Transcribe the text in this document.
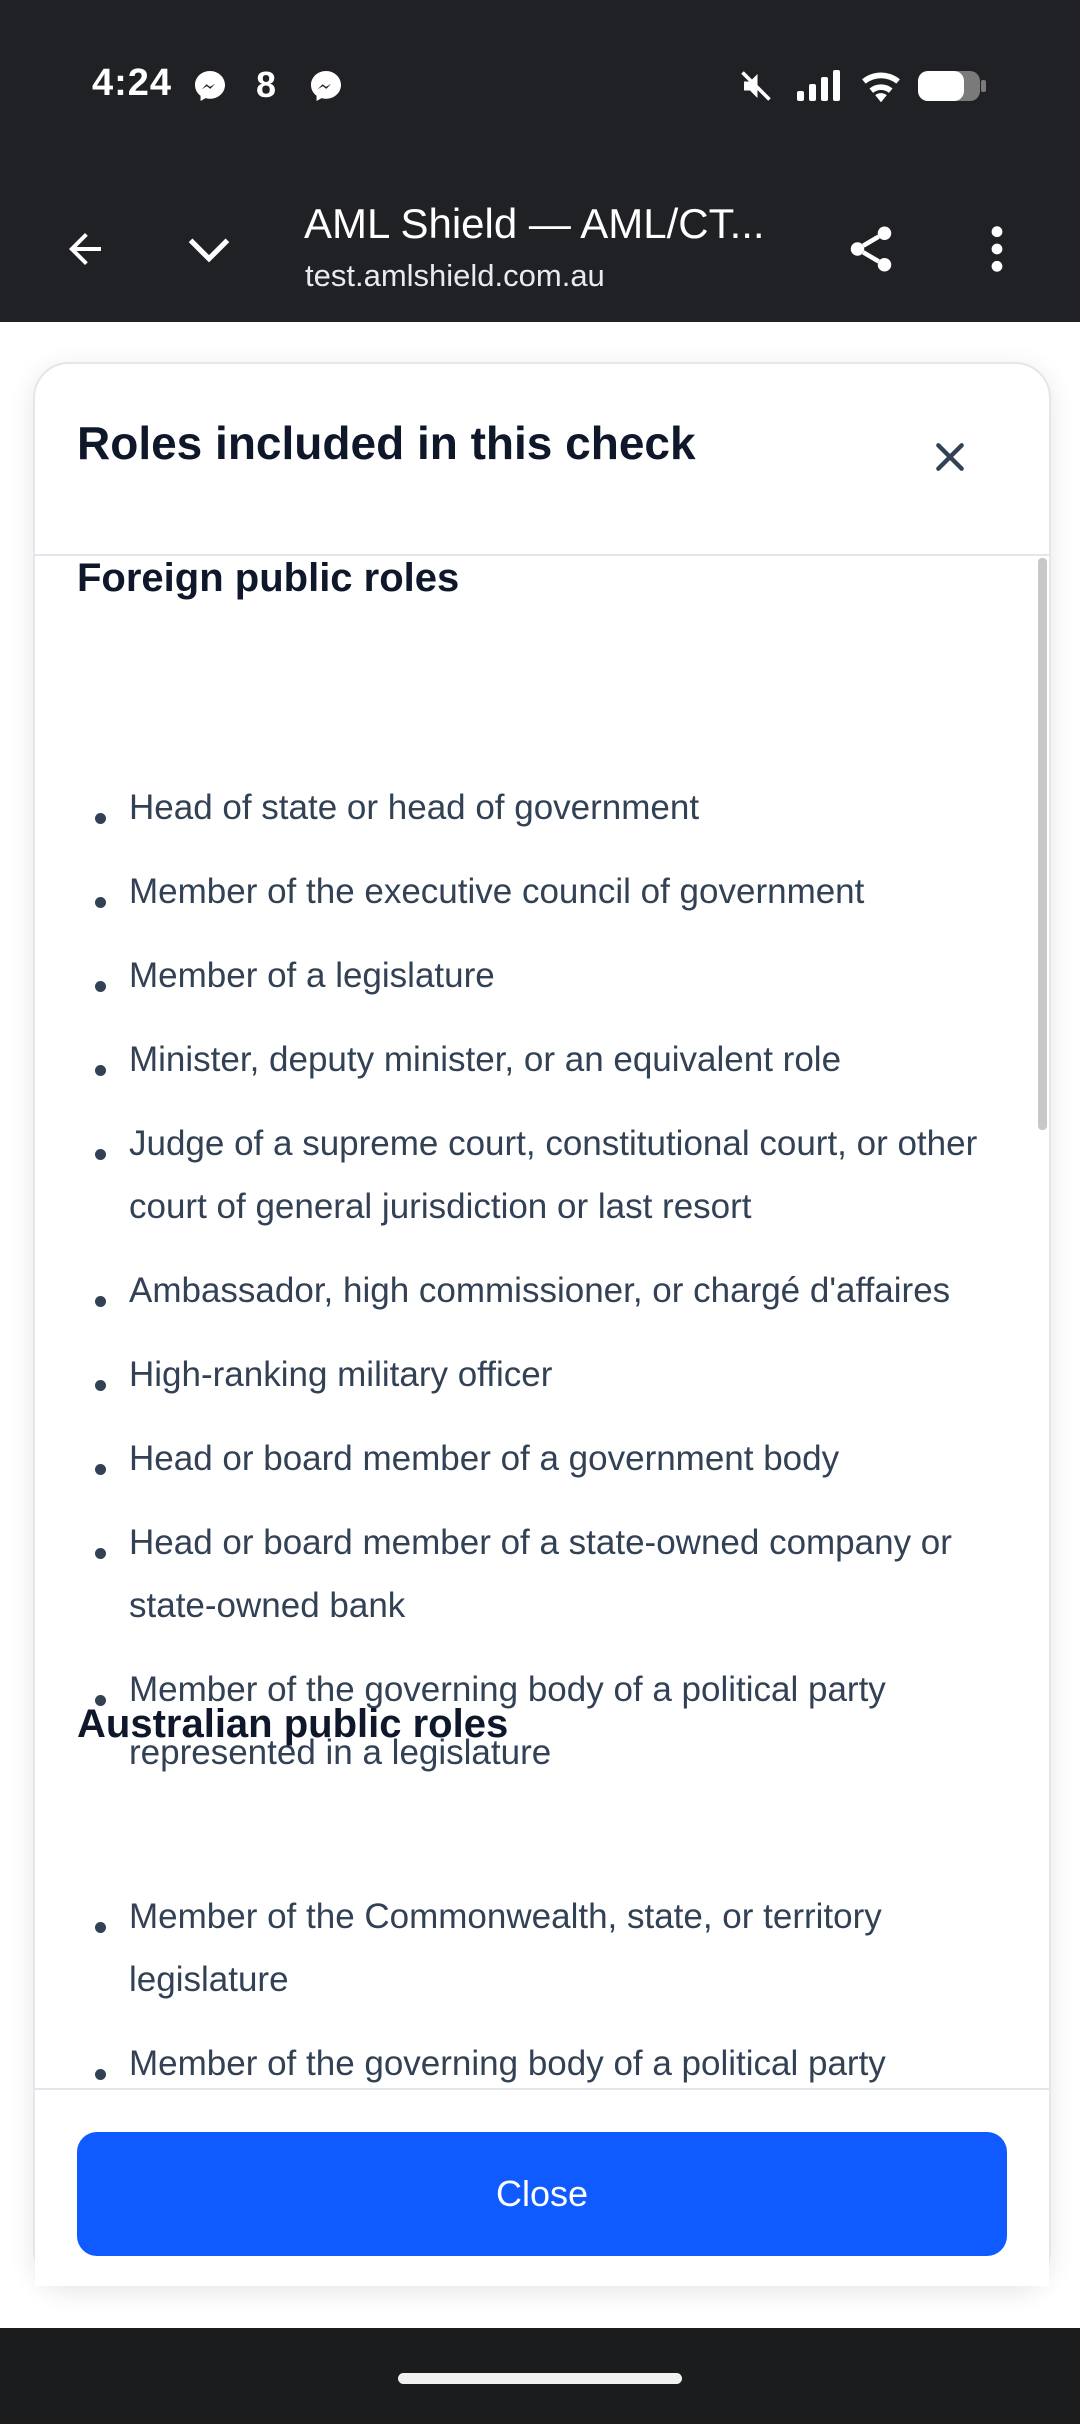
4:24 8
AML Shield — AML/CT...
test.amlshield.com.au
Roles included in this check
Foreign public roles
Head of state or head of government
Member of the executive council of government
Member of a legislature
Minister, deputy minister, or an equivalent role
Judge of a supreme court, constitutional court, or other court of general jurisdiction or last resort
Ambassador, high commissioner, or chargé d'affaires
High-ranking military officer
Head or board member of a government body
Head or board member of a state-owned company or state-owned bank
Member of the governing body of a political party represented in a legislature
Australian public roles
Member of the Commonwealth, state, or territory legislature
Member of the governing body of a political party
Close
